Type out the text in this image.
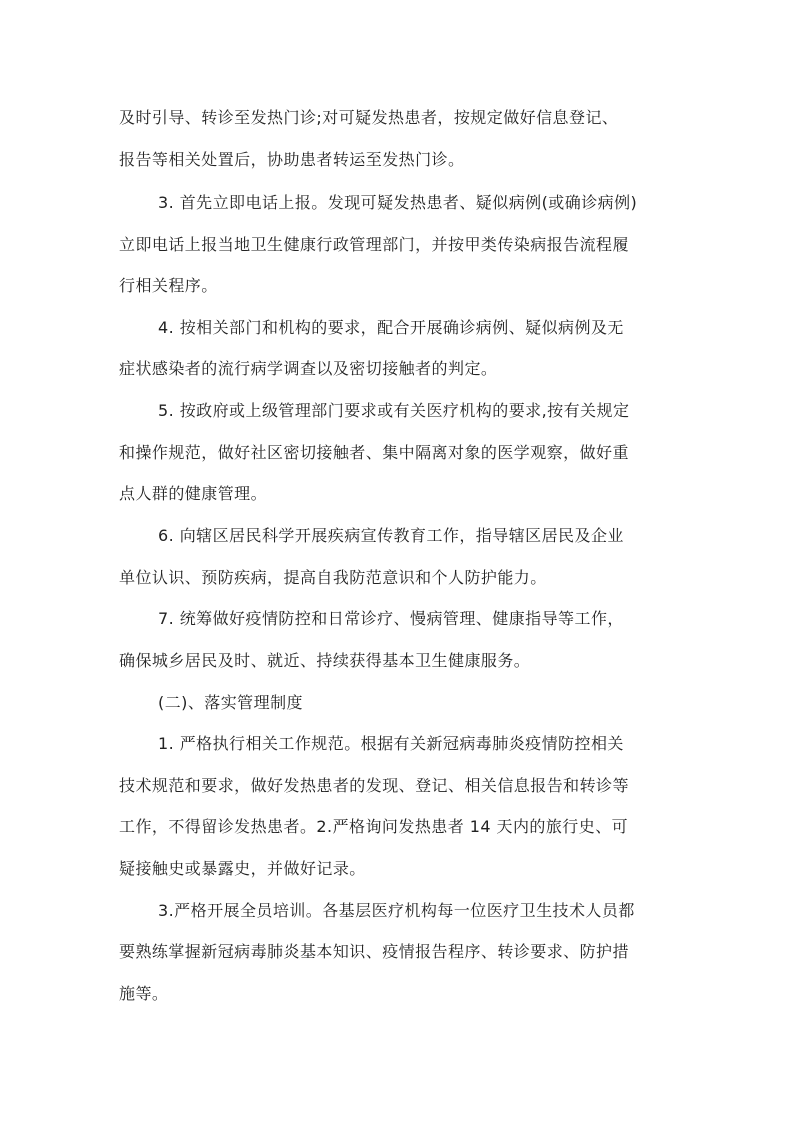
及时引导、转诊至发热门诊;对可疑发热患者，按规定做好信息登记、

报告等相关处置后，协助患者转运至发热门诊。

3. 首先立即电话上报。发现可疑发热患者、疑似病例(或确诊病例)

立即电话上报当地卫生健康行政管理部门，并按甲类传染病报告流程履

行相关程序。

4. 按相关部门和机构的要求，配合开展确诊病例、疑似病例及无

症状感染者的流行病学调查以及密切接触者的判定。

5. 按政府或上级管理部门要求或有关医疗机构的要求,按有关规定

和操作规范，做好社区密切接触者、集中隔离对象的医学观察，做好重

点人群的健康管理。

6. 向辖区居民科学开展疾病宣传教育工作，指导辖区居民及企业

单位认识、预防疾病，提高自我防范意识和个人防护能力。

7. 统筹做好疫情防控和日常诊疗、慢病管理、健康指导等工作，

确保城乡居民及时、就近、持续获得基本卫生健康服务。

(二)、落实管理制度

1. 严格执行相关工作规范。根据有关新冠病毒肺炎疫情防控相关

技术规范和要求，做好发热患者的发现、登记、相关信息报告和转诊等

工作，不得留诊发热患者。2.严格询问发热患者 14 天内的旅行史、可

疑接触史或暴露史，并做好记录。

3.严格开展全员培训。各基层医疗机构每一位医疗卫生技术人员都

要熟练掌握新冠病毒肺炎基本知识、疫情报告程序、转诊要求、防护措

施等。
